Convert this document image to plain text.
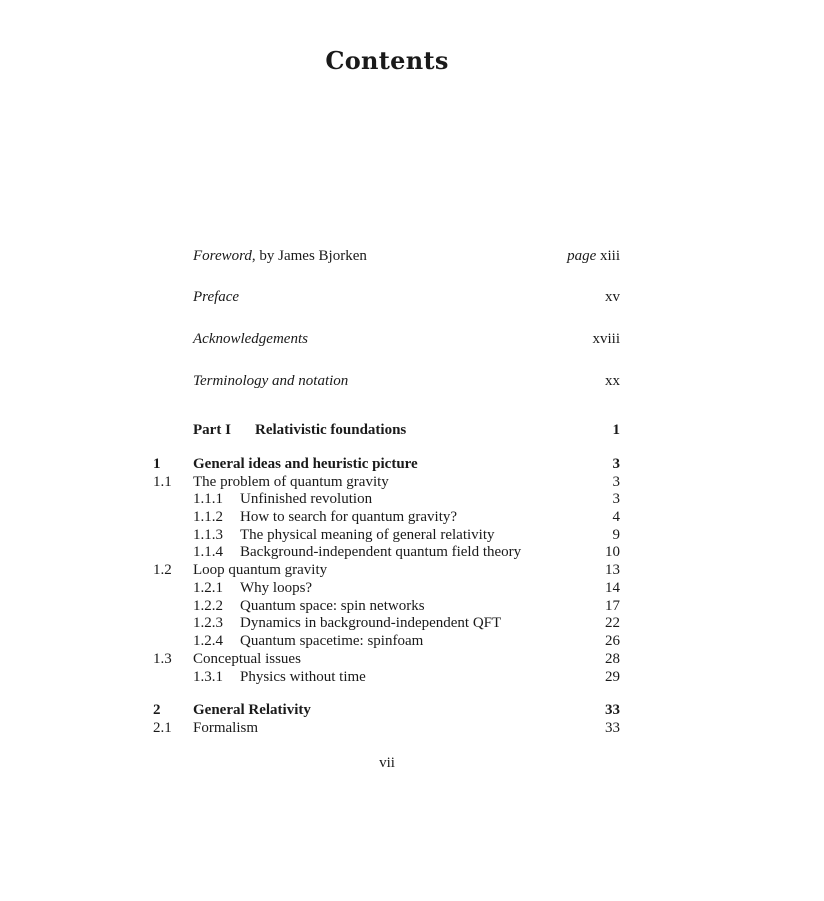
Contents
Foreword, by James Bjorken	page xiii
Preface	xv
Acknowledgements	xviii
Terminology and notation	xx
Part I Relativistic foundations	1
1 General ideas and heuristic picture	3
1.1 The problem of quantum gravity	3
1.1.1 Unfinished revolution	3
1.1.2 How to search for quantum gravity?	4
1.1.3 The physical meaning of general relativity	9
1.1.4 Background-independent quantum field theory	10
1.2 Loop quantum gravity	13
1.2.1 Why loops?	14
1.2.2 Quantum space: spin networks	17
1.2.3 Dynamics in background-independent QFT	22
1.2.4 Quantum spacetime: spinfoam	26
1.3 Conceptual issues	28
1.3.1 Physics without time	29
2 General Relativity	33
2.1 Formalism	33
vii
